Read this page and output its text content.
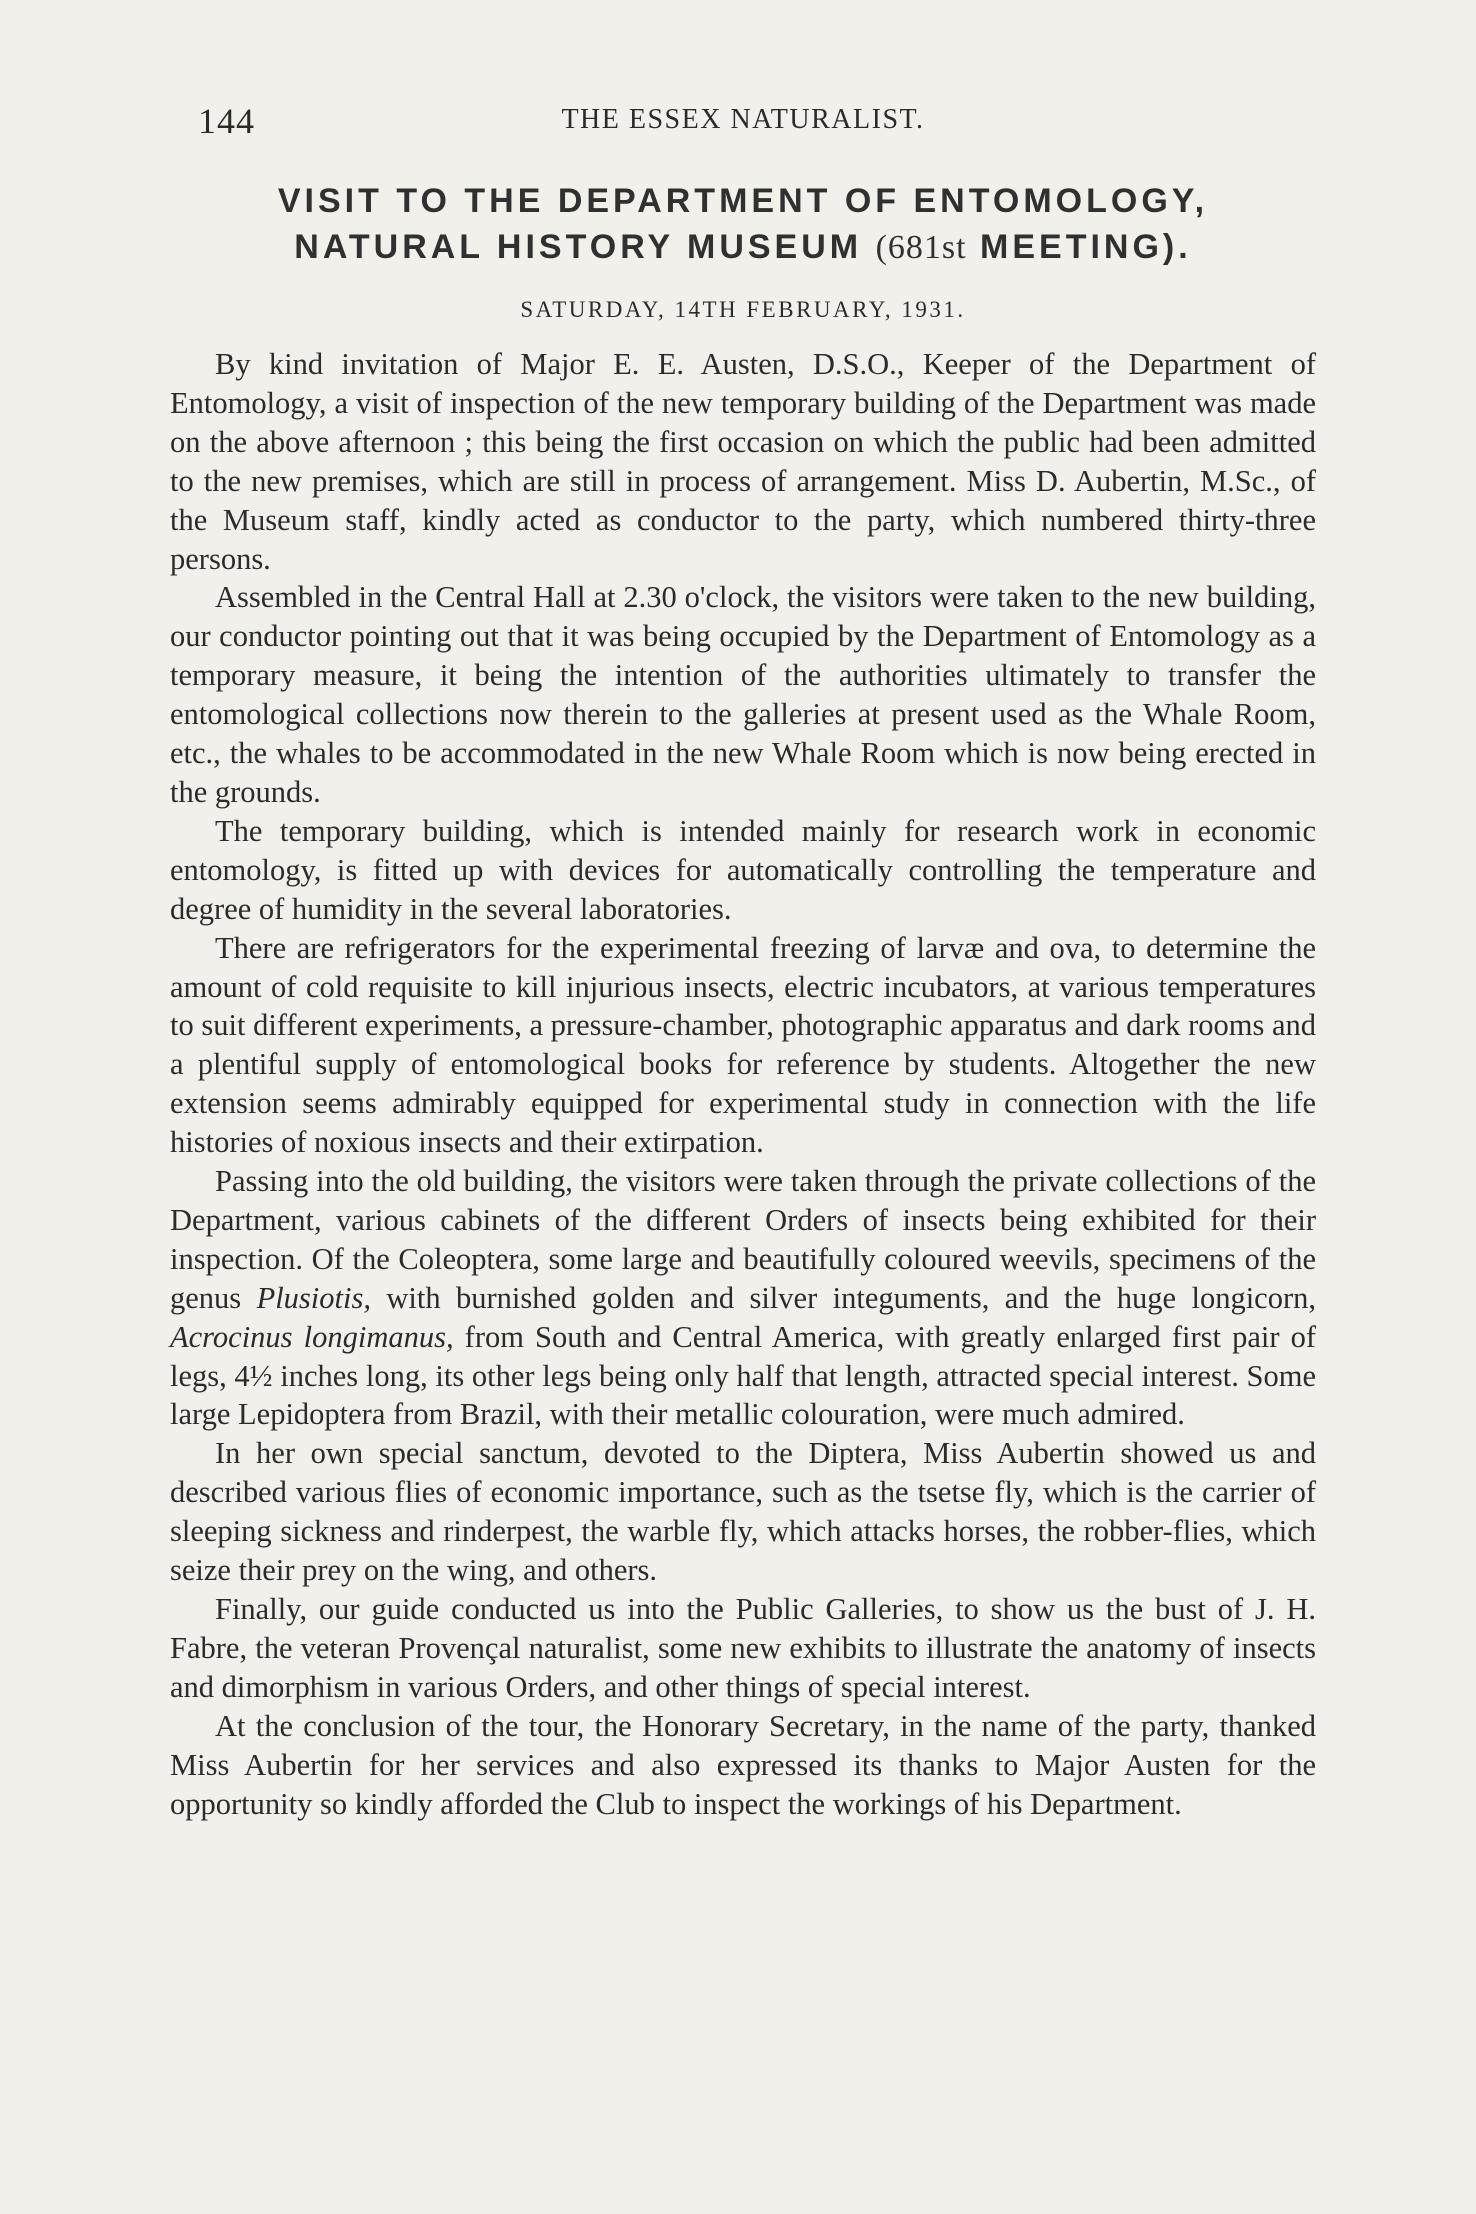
144	THE ESSEX NATURALIST.
VISIT TO THE DEPARTMENT OF ENTOMOLOGY,
NATURAL HISTORY MUSEUM (681st MEETING).
SATURDAY, 14TH FEBRUARY, 1931.

By kind invitation of Major E. E. Austen, D.S.O., Keeper of the Department of Entomology, a visit of inspection of the new temporary building of the Department was made on the above afternoon ; this being the first occasion on which the public had been admitted to the new premises, which are still in process of arrangement. Miss D. Aubertin, M.Sc., of the Museum staff, kindly acted as conductor to the party, which numbered thirty-three persons.

Assembled in the Central Hall at 2.30 o'clock, the visitors were taken to the new building, our conductor pointing out that it was being occupied by the Department of Entomology as a temporary measure, it being the intention of the authorities ultimately to transfer the entomological collections now therein to the galleries at present used as the Whale Room, etc., the whales to be accommodated in the new Whale Room which is now being erected in the grounds.

The temporary building, which is intended mainly for research work in economic entomology, is fitted up with devices for automatically controlling the temperature and degree of humidity in the several laboratories.

There are refrigerators for the experimental freezing of larvæ and ova, to determine the amount of cold requisite to kill injurious insects, electric incubators, at various temperatures to suit different experiments, a pressure-chamber, photographic apparatus and dark rooms and a plentiful supply of entomological books for reference by students. Altogether the new extension seems admirably equipped for experimental study in connection with the life histories of noxious insects and their extirpation.

Passing into the old building, the visitors were taken through the private collections of the Department, various cabinets of the different Orders of insects being exhibited for their inspection. Of the Coleoptera, some large and beautifully coloured weevils, specimens of the genus Plusiotis, with burnished golden and silver integuments, and the huge longicorn, Acrocinus longimanus, from South and Central America, with greatly enlarged first pair of legs, 4½ inches long, its other legs being only half that length, attracted special interest. Some large Lepidoptera from Brazil, with their metallic colouration, were much admired.

In her own special sanctum, devoted to the Diptera, Miss Aubertin showed us and described various flies of economic importance, such as the tsetse fly, which is the carrier of sleeping sickness and rinderpest, the warble fly, which attacks horses, the robber-flies, which seize their prey on the wing, and others.

Finally, our guide conducted us into the Public Galleries, to show us the bust of J. H. Fabre, the veteran Provençal naturalist, some new exhibits to illustrate the anatomy of insects and dimorphism in various Orders, and other things of special interest.

At the conclusion of the tour, the Honorary Secretary, in the name of the party, thanked Miss Aubertin for her services and also expressed its thanks to Major Austen for the opportunity so kindly afforded the Club to inspect the workings of his Department.
